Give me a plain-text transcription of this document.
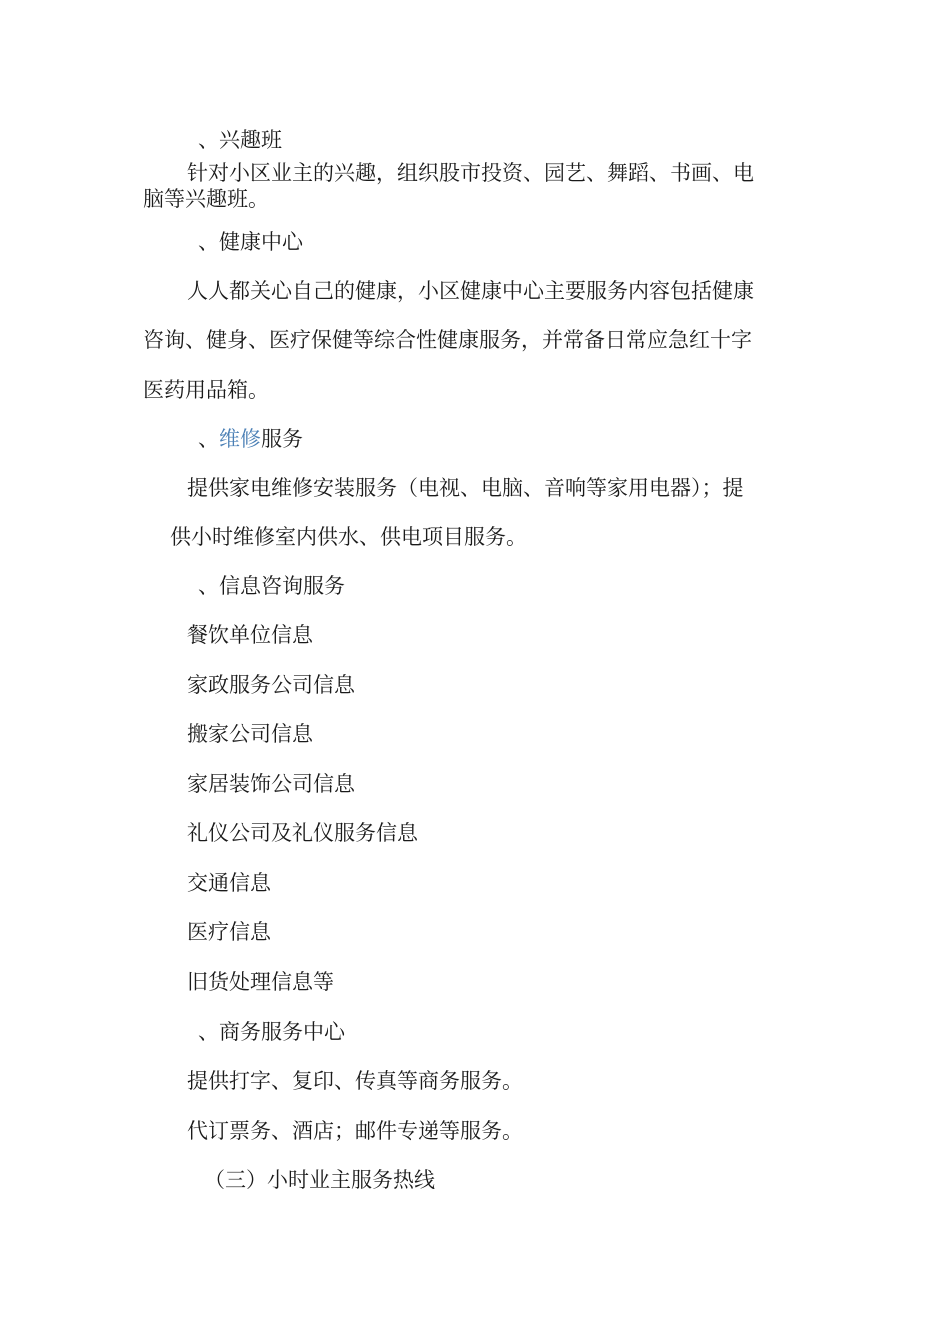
、兴趣班

针对小区业主的兴趣，组织股市投资、园艺、舞蹈、书画、电

脑等兴趣班。

、健康中心

人人都关心自己的健康，小区健康中心主要服务内容包括健康

咨询、健身、医疗保健等综合性健康服务，并常备日常应急红十字

医药用品箱。

、维修服务

提供家电维修安装服务（电视、电脑、音响等家用电器）；提

供小时维修室内供水、供电项目服务。

、信息咨询服务

餐饮单位信息

家政服务公司信息

搬家公司信息

家居装饰公司信息

礼仪公司及礼仪服务信息

交通信息

医疗信息

旧货处理信息等

、商务服务中心

提供打字、复印、传真等商务服务。

代订票务、酒店；邮件专递等服务。

（三）小时业主服务热线
